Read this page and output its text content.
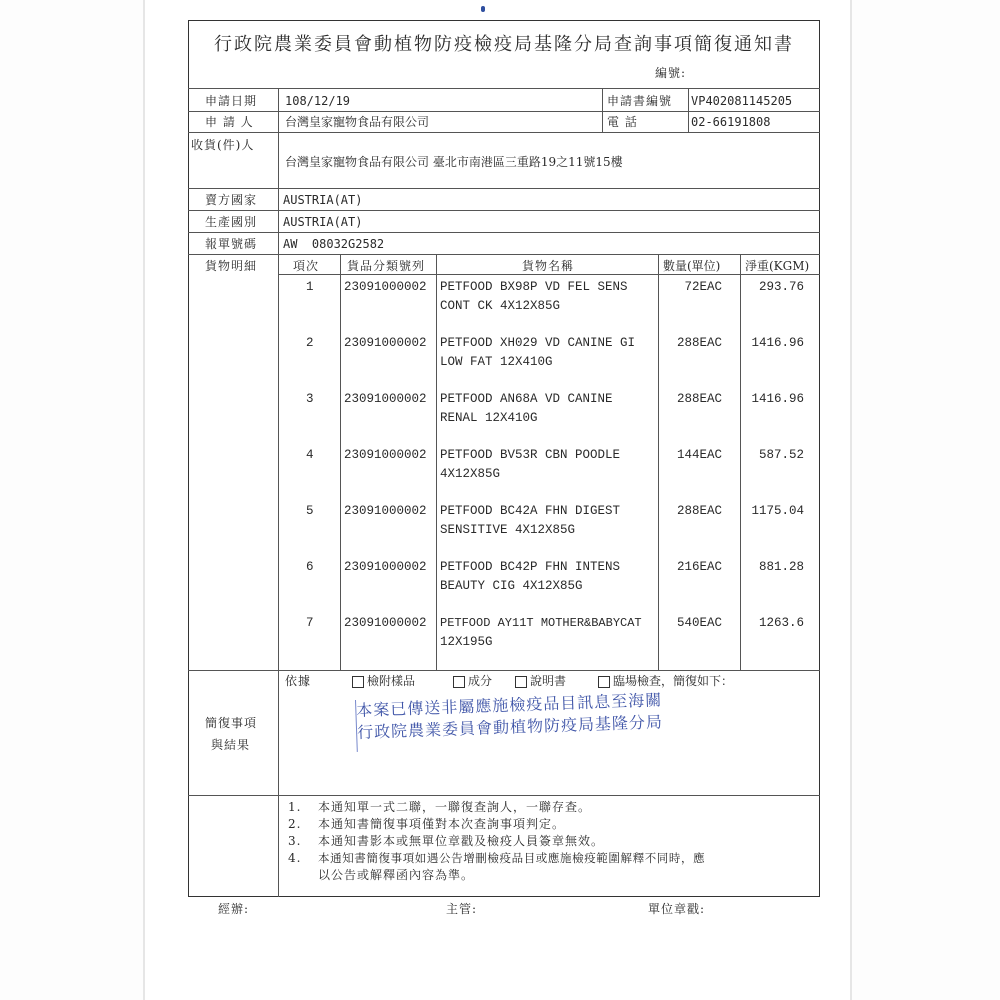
行政院農業委員會動植物防疫檢疫局基隆分局查詢事項簡復通知書
編號:
申請日期 108/12/19	申請書編號 VP402081145205
申 請 人	台灣皇家寵物食品有限公司	電 話	02-66191808
收貨(件)人
台灣皇家寵物食品有限公司 臺北市南港區三重路19之11號15樓
賣方國家 AUSTRIA(AT)
生產國別 AUSTRIA(AT)
報單號碼 AW  08032G2582
貨物明細	項次 貨品分類號列	貨物名稱	數量(單位) 淨重(KGM)
1 23091000002 PETFOOD BX98P VD FEL SENS
CONT CK 4X12X85G
72EAC	293.76
2 23091000002 PETFOOD XH029 VD CANINE GI
LOW FAT 12X410G
288EAC	1416.96
3 23091000002 PETFOOD AN68A VD CANINE
RENAL 12X410G
288EAC	1416.96
4 23091000002 PETFOOD BV53R CBN POODLE
4X12X85G
144EAC	587.52
5 23091000002 PETFOOD BC42A FHN DIGEST
SENSITIVE 4X12X85G
288EAC	1175.04
6 23091000002 PETFOOD BC42P FHN INTENS
BEAUTY CIG 4X12X85G
216EAC	881.28
7 23091000002 PETFOOD AY11T MOTHER&BABYCAT
12X195G
540EAC	1263.6
簡復事項
與結果
依據	檢附樣品	成分	說明書	臨場檢查，簡復如下：
本案已傳送非屬應施檢疫品目訊息至海關
行政院農業委員會動植物防疫局基隆分局
1. 本通知單一式二聯，一聯復查詢人，一聯存查。
2. 本通知書簡復事項僅對本次查詢事項判定。
3. 本通知書影本或無單位章戳及檢疫人員簽章無效。
4. 本通知書簡復事項如遇公告增刪檢疫品目或應施檢疫範圍解釋不同時，應
以公告或解釋函內容為準。
經辦:	主管:	單位章戳:
